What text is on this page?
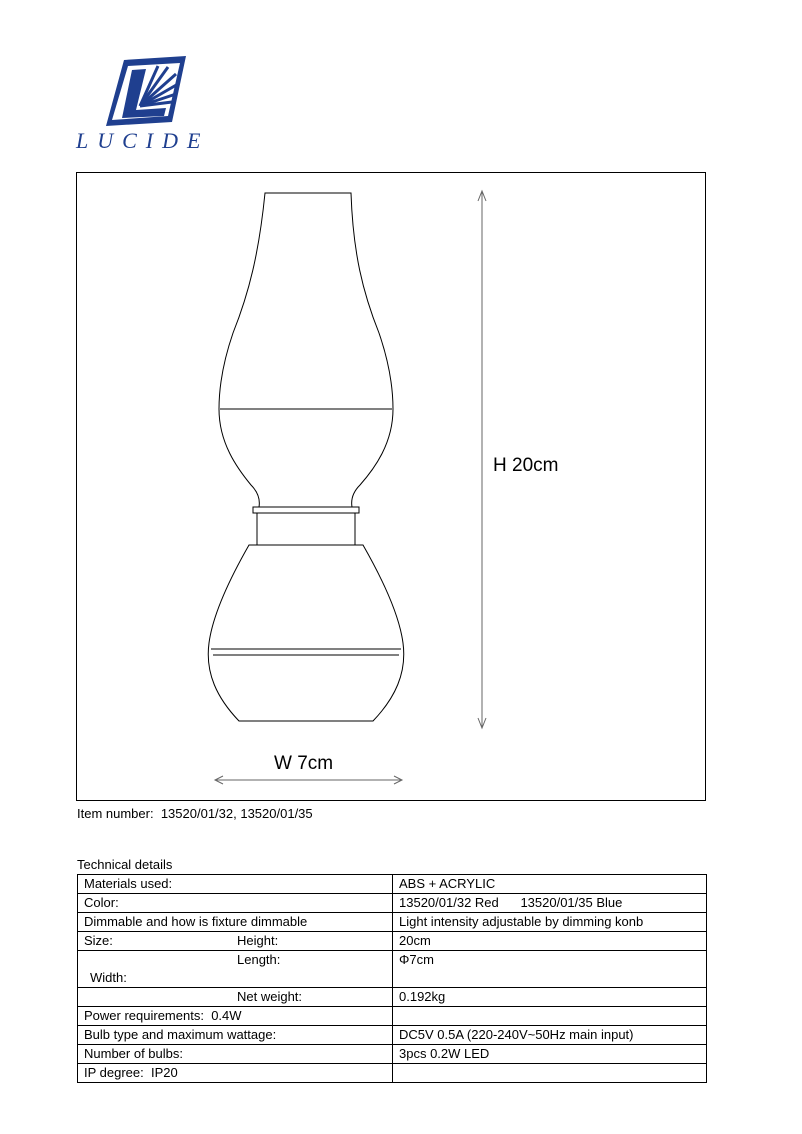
LUCIDE
H 20cm
W 7cm
Item number: 13520/01/32, 13520/01/35
Technical details
Materials used:	ABS + ACRYLIC
Color:	13520/01/32 Red 13520/01/35 Blue
Dimmable and how is fixture dimmable	Light intensity adjustable by dimming konb
Size: Height:	20cm
Length:	Φ7cm
Width:	
Net weight:	0.192kg
Power requirements: 0.4W	
Bulb type and maximum wattage:	DC5V 0.5A (220-240V~50Hz main input)
Number of bulbs:	3pcs 0.2W LED
IP degree: IP20	
